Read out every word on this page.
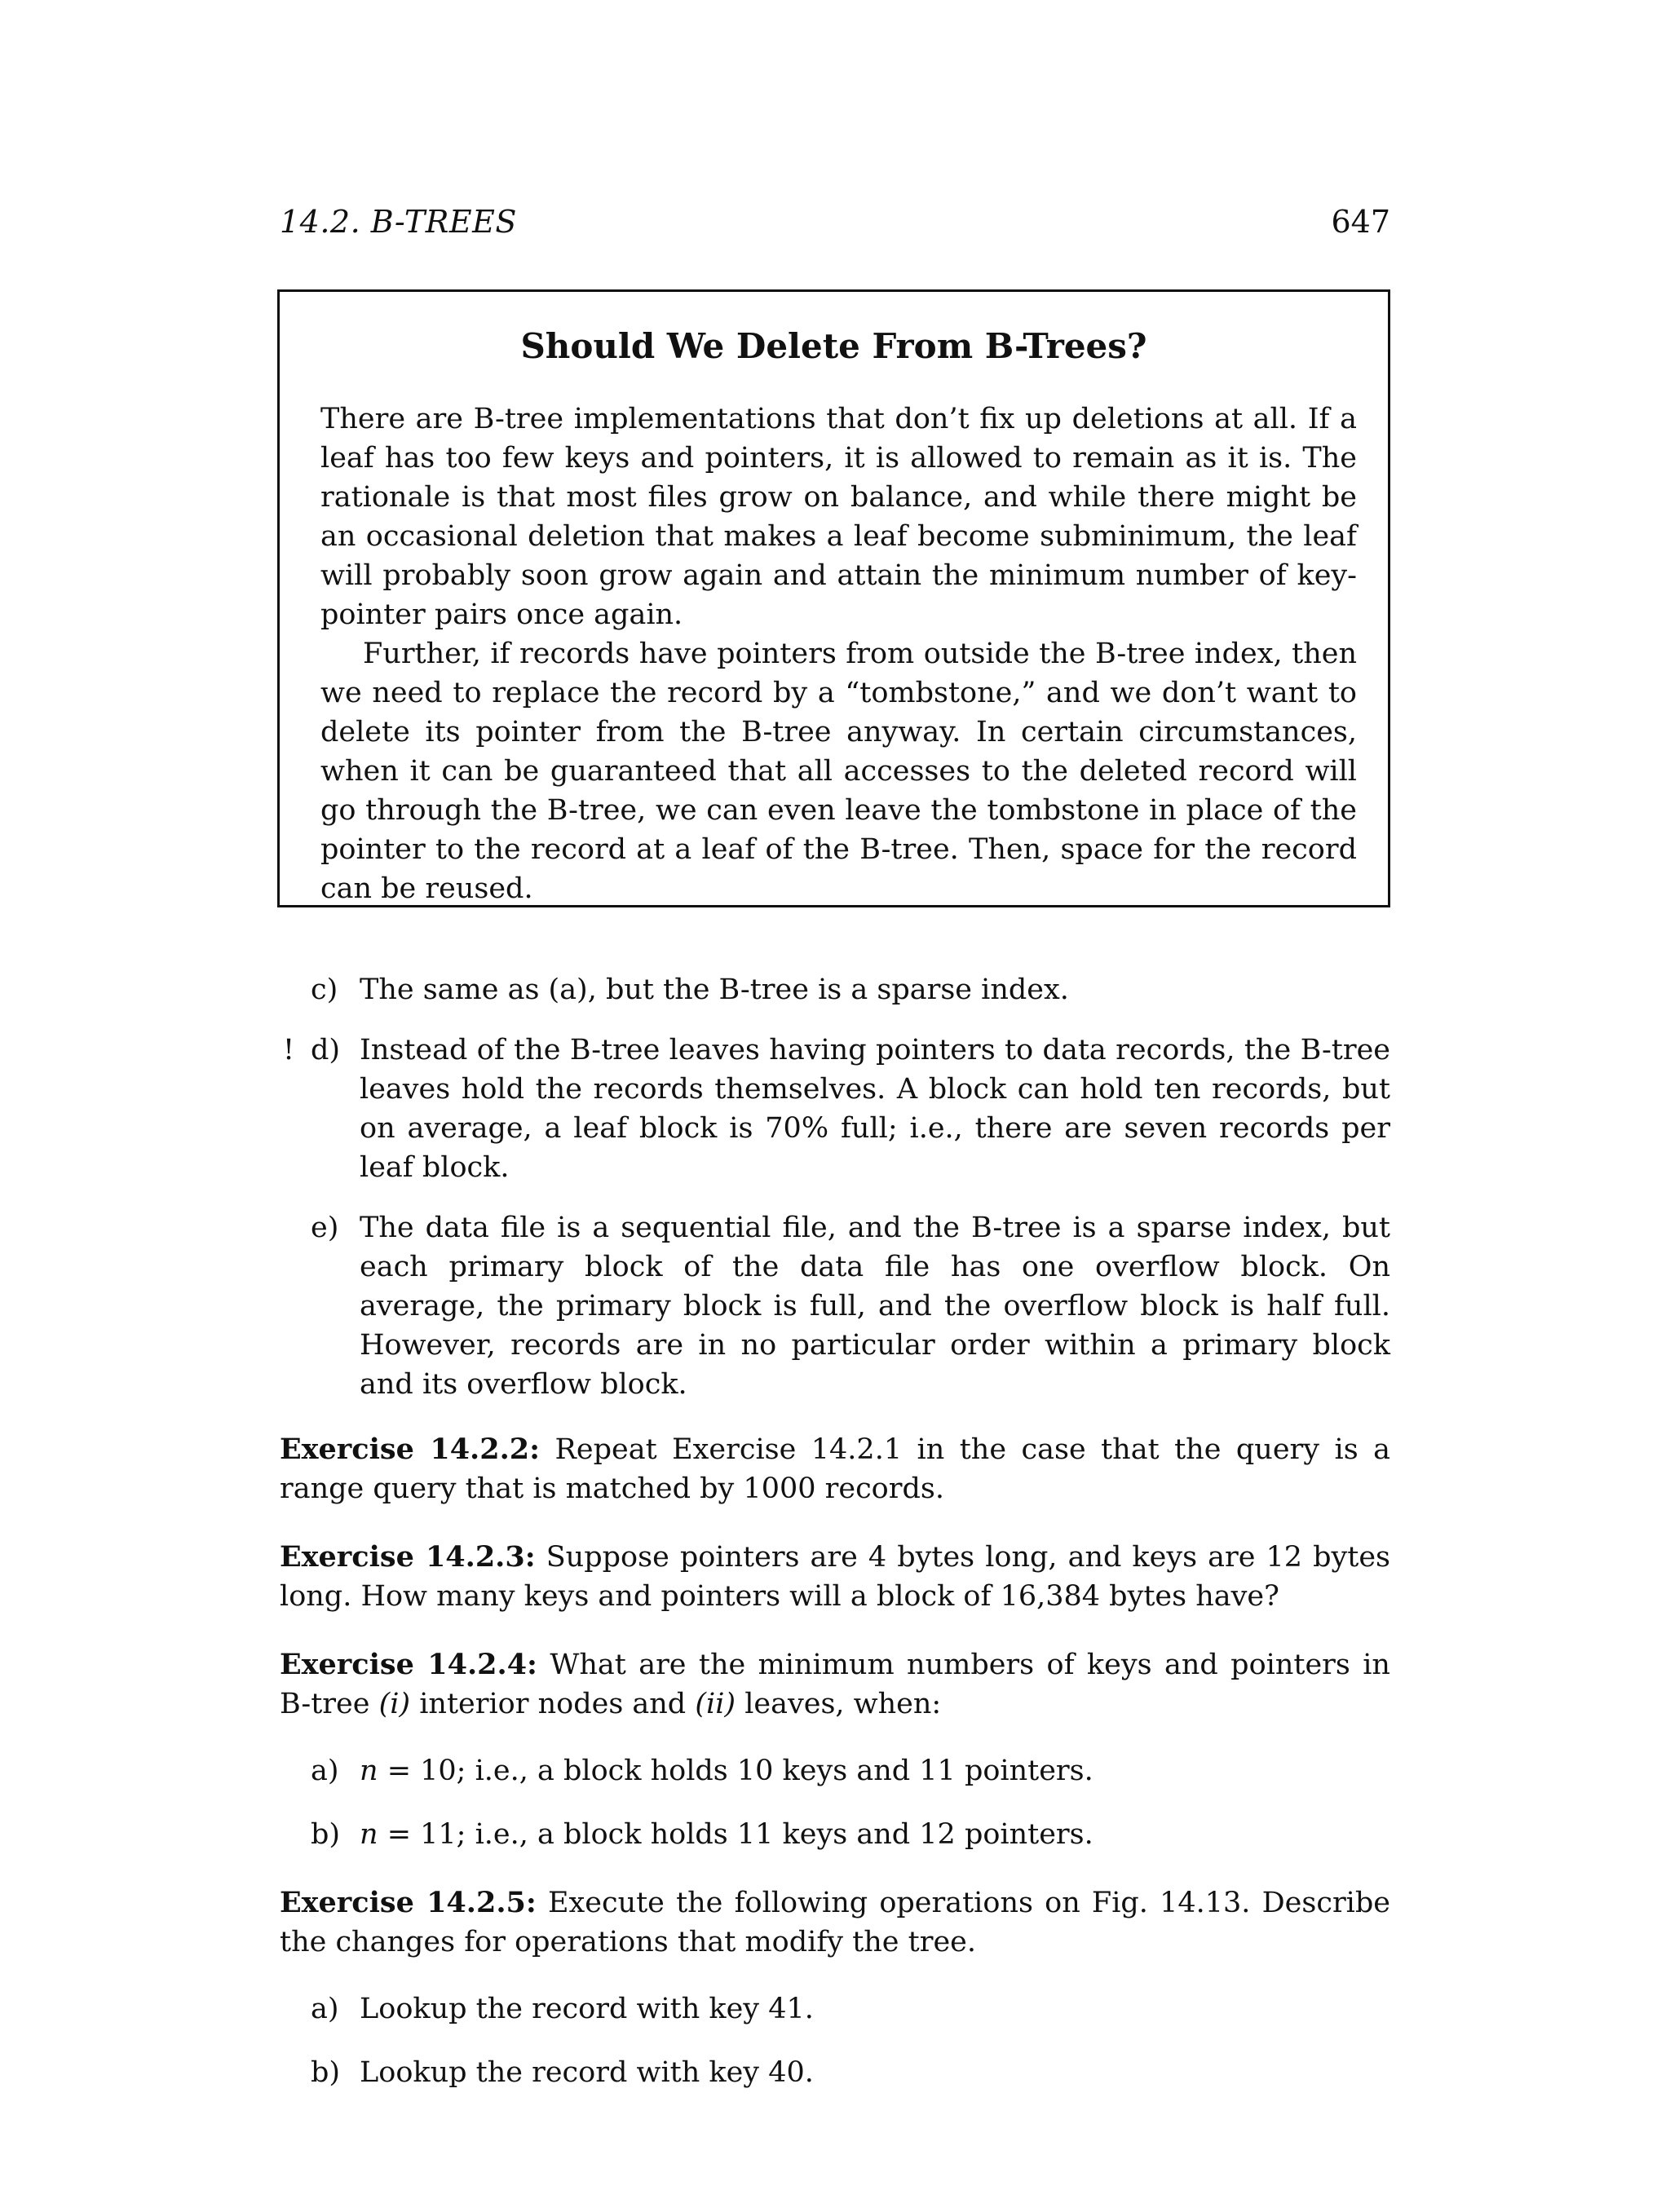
14.2. B-TREES	647
Should We Delete From B-Trees?

There are B-tree implementations that don’t fix up deletions at all. If a leaf has too few keys and pointers, it is allowed to remain as it is. The rationale is that most files grow on balance, and while there might be an occasional deletion that makes a leaf become subminimum, the leaf will probably soon grow again and attain the minimum number of key-pointer pairs once again.

Further, if records have pointers from outside the B-tree index, then we need to replace the record by a “tombstone,” and we don’t want to delete its pointer from the B-tree anyway. In certain circumstances, when it can be guaranteed that all accesses to the deleted record will go through the B-tree, we can even leave the tombstone in place of the pointer to the record at a leaf of the B-tree. Then, space for the record can be reused.

c) The same as (a), but the B-tree is a sparse index.
! d) Instead of the B-tree leaves having pointers to data records, the B-tree leaves hold the records themselves. A block can hold ten records, but on average, a leaf block is 70% full; i.e., there are seven records per leaf block.
e) The data file is a sequential file, and the B-tree is a sparse index, but each primary block of the data file has one overflow block. On average, the primary block is full, and the overflow block is half full. However, records are in no particular order within a primary block and its overflow block.
Exercise 14.2.2: Repeat Exercise 14.2.1 in the case that the query is a range query that is matched by 1000 records.
Exercise 14.2.3: Suppose pointers are 4 bytes long, and keys are 12 bytes long. How many keys and pointers will a block of 16,384 bytes have?
Exercise 14.2.4: What are the minimum numbers of keys and pointers in B-tree (i) interior nodes and (ii) leaves, when:
a) n = 10; i.e., a block holds 10 keys and 11 pointers.
b) n = 11; i.e., a block holds 11 keys and 12 pointers.
Exercise 14.2.5: Execute the following operations on Fig. 14.13. Describe the changes for operations that modify the tree.
a) Lookup the record with key 41.
b) Lookup the record with key 40.
